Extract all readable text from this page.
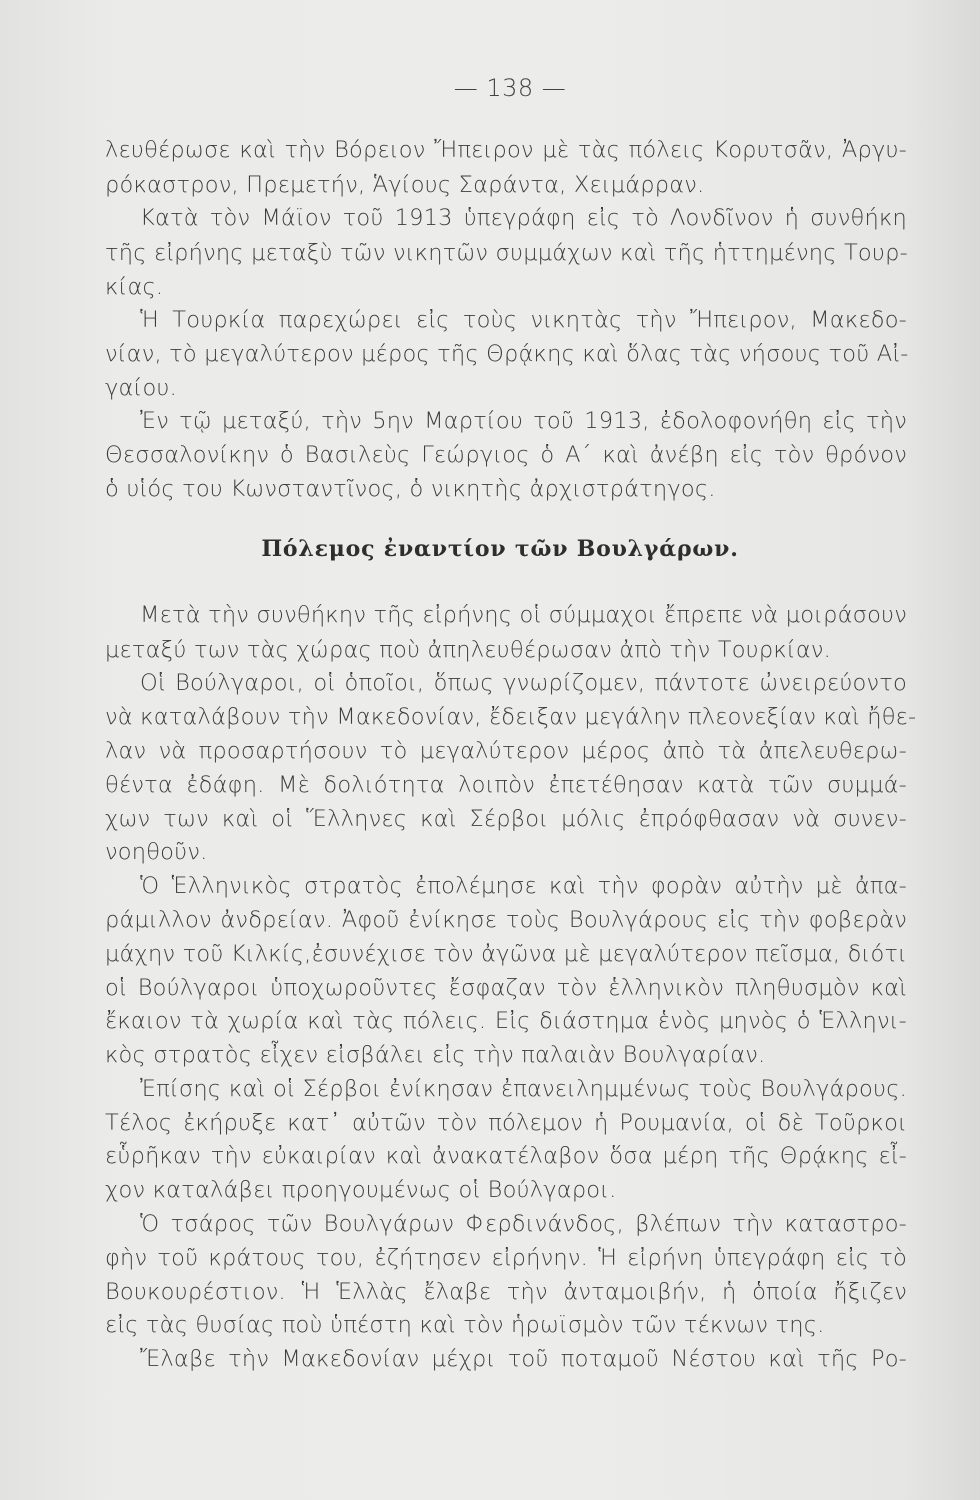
— 138 —
λευθέρωσε καὶ τὴν Βόρειον Ἤπειρον μὲ τὰς πόλεις Κορυτσᾶν, Ἀργυ-
ρόκαστρον, Πρεμετήν, Ἁγίους Σαράντα, Χειμάρραν.
Κατὰ τὸν Μάϊον τοῦ 1913 ὑπεγράφη εἰς τὸ Λονδῖνον ἡ συνθήκη
τῆς εἰρήνης μεταξὺ τῶν νικητῶν συμμάχων καὶ τῆς ἡττημένης Τουρ-
κίας.
Ἡ Τουρκία παρεχώρει εἰς τοὺς νικητὰς τὴν Ἤπειρον, Μακεδο-
νίαν, τὸ μεγαλύτερον μέρος τῆς Θρᾴκης καὶ ὅλας τὰς νήσους τοῦ Αἰ-
γαίου.
Ἐν τῷ μεταξύ, τὴν 5ην Μαρτίου τοῦ 1913, ἐδολοφονήθη εἰς τὴν
Θεσσαλονίκην ὁ Βασιλεὺς Γεώργιος ὁ Α΄ καὶ ἀνέβη εἰς τὸν θρόνον
ὁ υἱός του Κωνσταντῖνος, ὁ νικητὴς ἀρχιστράτηγος.
Πόλεμος ἐναντίον τῶν Βουλγάρων.
Μετὰ τὴν συνθήκην τῆς εἰρήνης οἱ σύμμαχοι ἔπρεπε νὰ μοιράσουν
μεταξύ των τὰς χώρας ποὺ ἀπηλευθέρωσαν ἀπὸ τὴν Τουρκίαν.
Οἱ Βούλγαροι, οἱ ὁποῖοι, ὅπως γνωρίζομεν, πάντοτε ὠνειρεύοντο
νὰ καταλάβουν τὴν Μακεδονίαν, ἔδειξαν μεγάλην πλεονεξίαν καὶ ἤθε-
λαν νὰ προσαρτήσουν τὸ μεγαλύτερον μέρος ἀπὸ τὰ ἀπελευθερω-
θέντα ἐδάφη. Μὲ δολιότητα λοιπὸν ἐπετέθησαν κατὰ τῶν συμμά-
χων των καὶ οἱ Ἕλληνες καὶ Σέρβοι μόλις ἐπρόφθασαν νὰ συνεν-
νοηθοῦν.
Ὁ Ἑλληνικὸς στρατὸς ἐπολέμησε καὶ τὴν φορὰν αὐτὴν μὲ ἀπα-
ράμιλλον ἀνδρείαν. Ἀφοῦ ἐνίκησε τοὺς Βουλγάρους εἰς τὴν φοβερὰν
μάχην τοῦ Κιλκίς,ἐσυνέχισε τὸν ἀγῶνα μὲ μεγαλύτερον πεῖσμα, διότι
οἱ Βούλγαροι ὑποχωροῦντες ἔσφαζαν τὸν ἑλληνικὸν πληθυσμὸν καὶ
ἔκαιον τὰ χωρία καὶ τὰς πόλεις. Εἰς διάστημα ἑνὸς μηνὸς ὁ Ἑλληνι-
κὸς στρατὸς εἶχεν εἰσβάλει εἰς τὴν παλαιὰν Βουλγαρίαν.
Ἐπίσης καὶ οἱ Σέρβοι ἐνίκησαν ἐπανειλημμένως τοὺς Βουλγάρους.
Τέλος ἐκήρυξε κατ᾽ αὐτῶν τὸν πόλεμον ἡ Ρουμανία, οἱ δὲ Τοῦρκοι
εὗρῆκαν τὴν εὐκαιρίαν καὶ ἀνακατέλαβον ὅσα μέρη τῆς Θρᾴκης εἶ-
χον καταλάβει προηγουμένως οἱ Βούλγαροι.
Ὁ τσάρος τῶν Βουλγάρων Φερδινάνδος, βλέπων τὴν καταστρο-
φὴν τοῦ κράτους του, ἐζήτησεν εἰρήνην. Ἡ εἰρήνη ὑπεγράφη εἰς τὸ
Βουκουρέστιον. Ἡ Ἑλλὰς ἔλαβε τὴν ἀνταμοιβήν, ἡ ὁποία ἤξιζεν
εἰς τὰς θυσίας ποὺ ὑπέστη καὶ τὸν ἡρωϊσμὸν τῶν τέκνων της.
Ἔλαβε τὴν Μακεδονίαν μέχρι τοῦ ποταμοῦ Νέστου καὶ τῆς Ρο-
